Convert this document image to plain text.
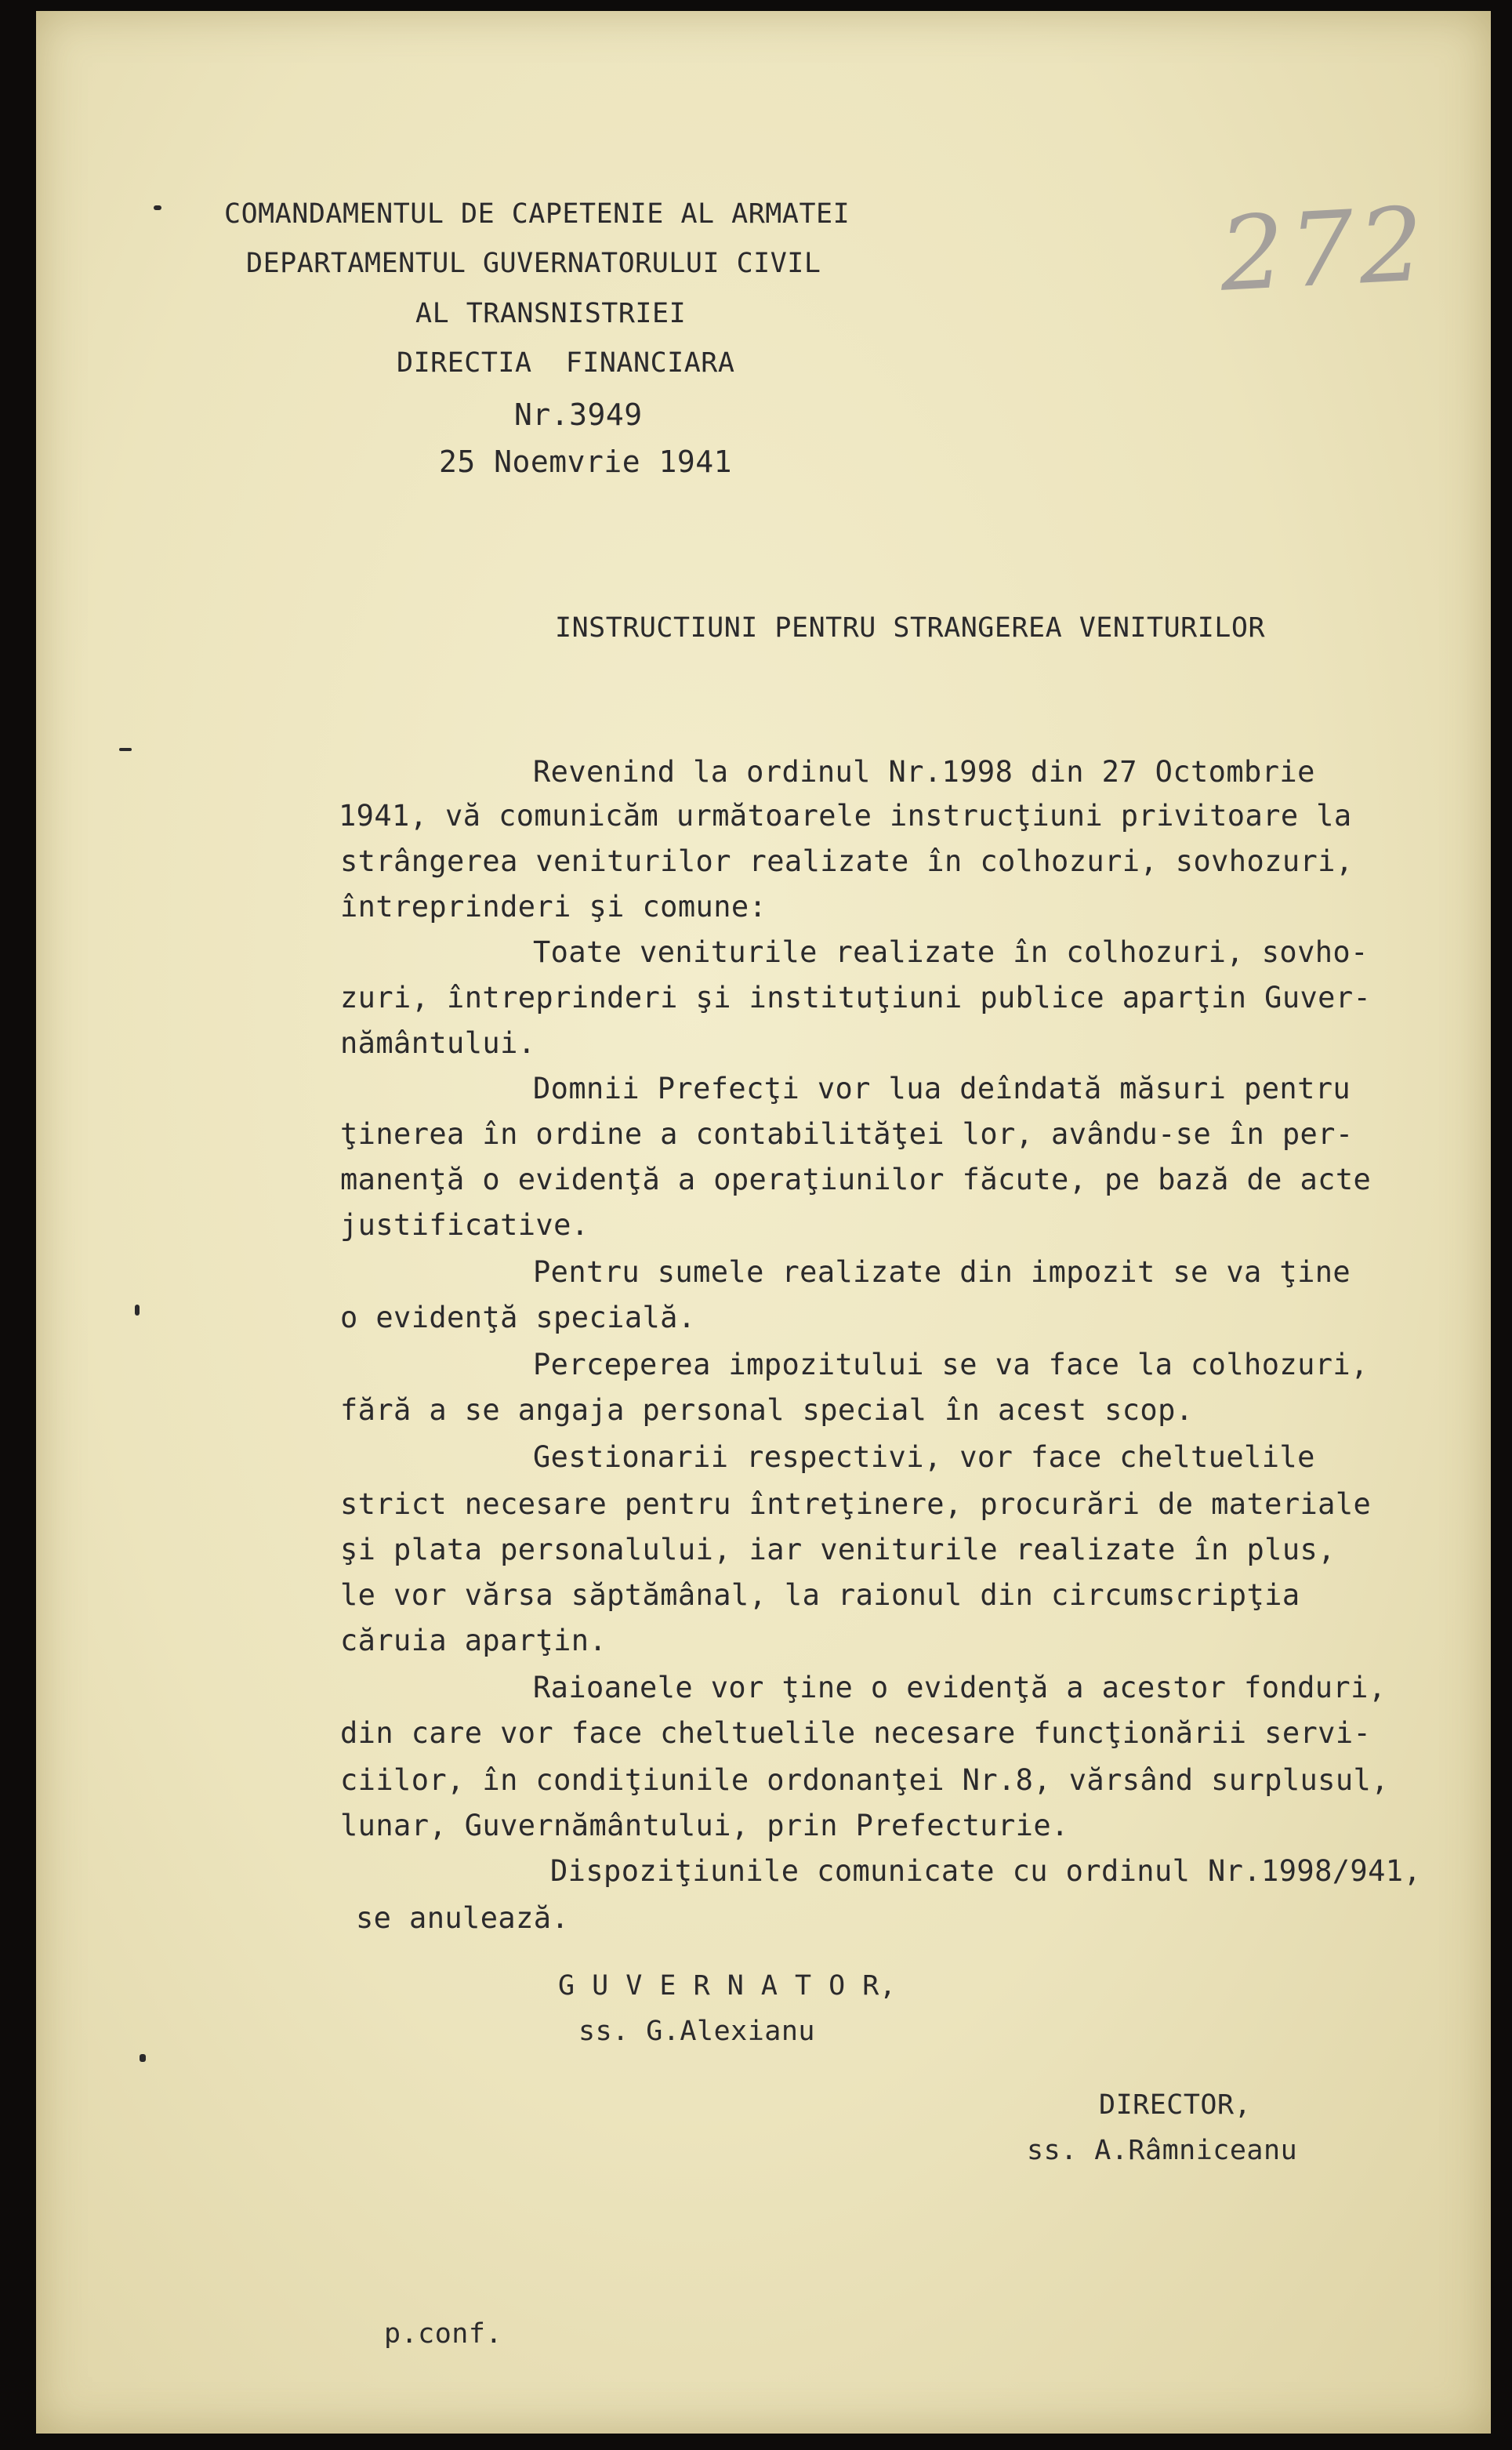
272
COMANDAMENTUL DE CAPETENIE AL ARMATEI
DEPARTAMENTUL GUVERNATORULUI CIVIL
AL TRANSNISTRIEI
DIRECTIA  FINANCIARA
Nr.3949
25 Noemvrie 1941
INSTRUCTIUNI PENTRU STRANGEREA VENITURILOR
Revenind la ordinul Nr.1998 din 27 Octombrie
1941, vă comunicăm următoarele instrucţiuni privitoare la
strângerea veniturilor realizate în colhozuri, sovhozuri,
întreprinderi şi comune:
Toate veniturile realizate în colhozuri, sovho-
zuri, întreprinderi şi instituţiuni publice aparţin Guver-
nământului.
Domnii Prefecţi vor lua deîndată măsuri pentru
ţinerea în ordine a contabilităţei lor, avându-se în per-
manenţă o evidenţă a operaţiunilor făcute, pe bază de acte
justificative.
Pentru sumele realizate din impozit se va ţine
o evidenţă specială.
Perceperea impozitului se va face la colhozuri,
fără a se angaja personal special în acest scop.
Gestionarii respectivi, vor face cheltuelile
strict necesare pentru întreţinere, procurări de materiale
şi plata personalului, iar veniturile realizate în plus,
le vor vărsa săptămânal, la raionul din circumscripţia
căruia aparţin.
Raioanele vor ţine o evidenţă a acestor fonduri,
din care vor face cheltuelile necesare funcţionării servi-
ciilor, în condiţiunile ordonanţei Nr.8, vărsând surplusul,
lunar, Guvernământului, prin Prefecturie.
Dispoziţiunile comunicate cu ordinul Nr.1998/941,
se anulează.
G U V E R N A T O R,
ss. G.Alexianu
DIRECTOR,
ss. A.Râmniceanu
p.conf.
